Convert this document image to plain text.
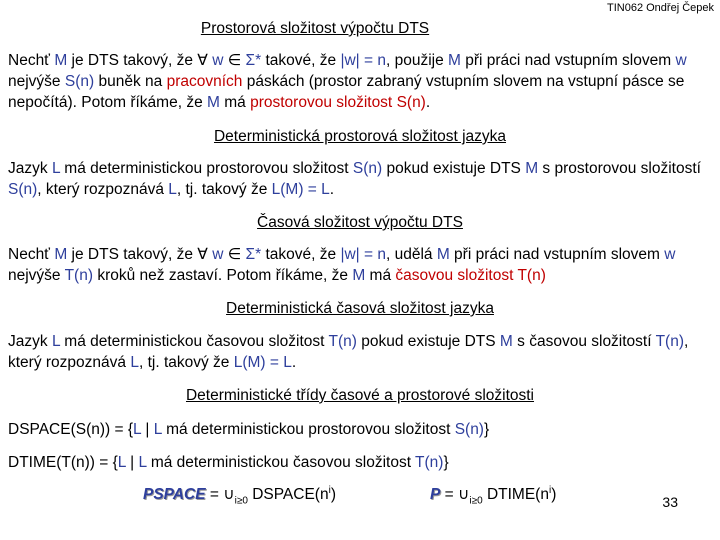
TIN062 Ondřej Čepek
Prostorová složitost výpočtu DTS
Nechť M je DTS takový, že ∀ w ∈ Σ* takové, že |w| = n, použije M při práci nad vstupním slovem w nejvýše S(n) buněk na pracovních páskách (prostor zabraný vstupním slovem na vstupní pásce se nepočítá). Potom říkáme, že M má prostorovou složitost S(n).
Deterministická prostorová složitost jazyka
Jazyk L má deterministickou prostorovou složitost S(n) pokud existuje DTS M s prostorovou složitostí S(n), který rozpoznává L, tj. takový že L(M) = L.
Časová složitost výpočtu DTS
Nechť M je DTS takový, že ∀ w ∈ Σ* takové, že |w| = n, udělá M při práci nad vstupním slovem w nejvýše T(n) kroků než zastaví. Potom říkáme, že M má časovou složitost T(n)
Deterministická časová složitost jazyka
Jazyk L má deterministickou časovou složitost T(n) pokud existuje DTS M s časovou složitostí T(n), který rozpoznává L, tj. takový že L(M) = L.
Deterministické třídy časové a prostorové složitosti
DSPACE(S(n)) = {L | L má deterministickou prostorovou složitost S(n)}
DTIME(T(n)) = {L | L má deterministickou časovou složitost T(n)}
PSPACE = $\cup_{i\ge 0}$ $DSPACE(n^i)$	$P = \cup_{i\ge 0}$ $DTIME(n^i)$	33
